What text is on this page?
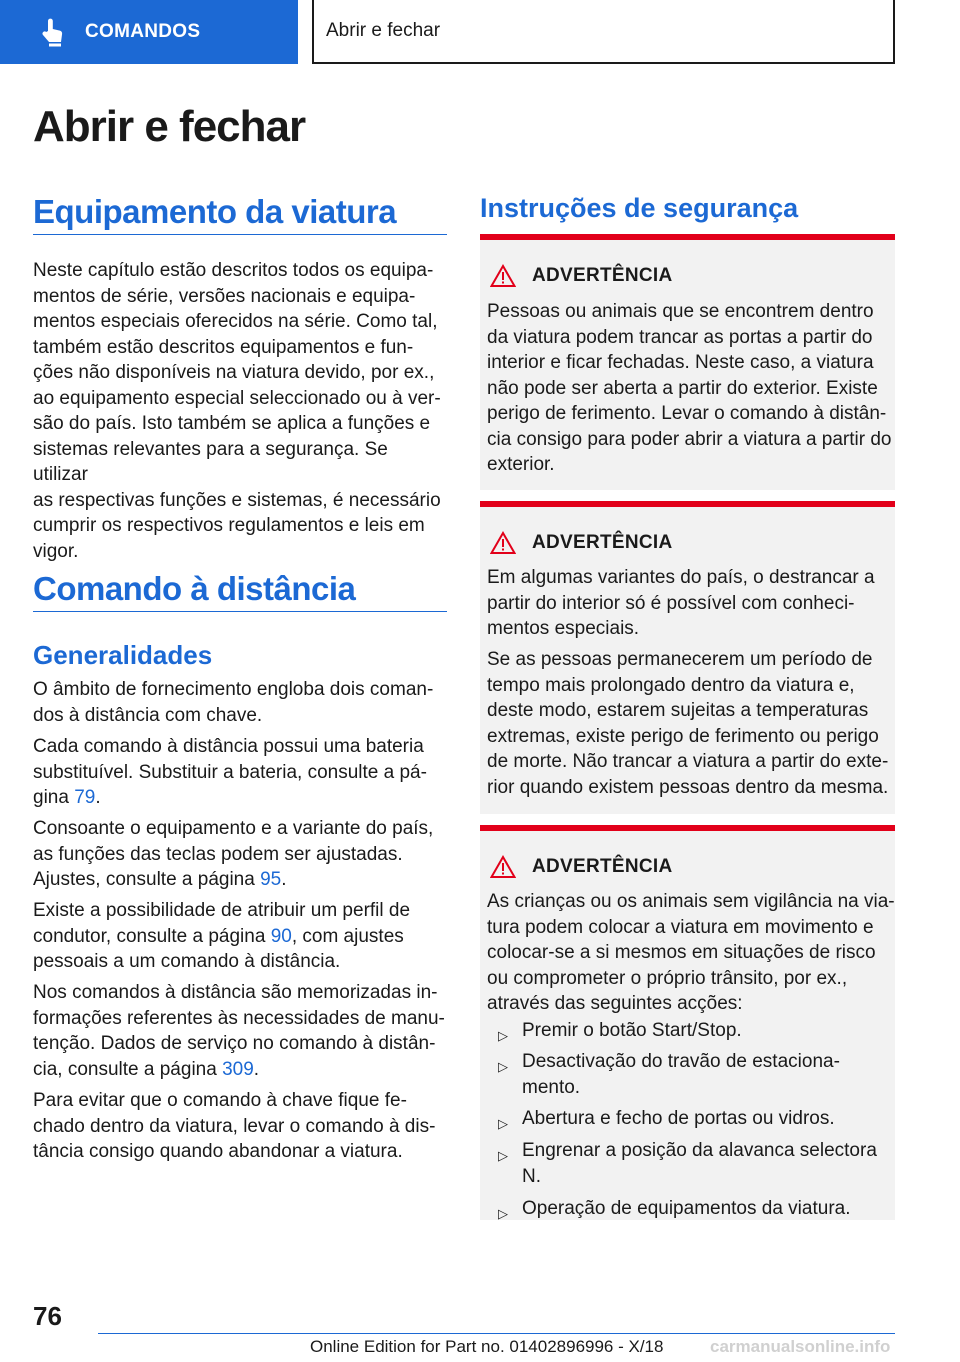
COMANDOS	Abrir e fechar
Abrir e fechar
Equipamento da viatura
Neste capítulo estão descritos todos os equipa-
mentos de série, versões nacionais e equipa-
mentos especiais oferecidos na série. Como tal,
também estão descritos equipamentos e fun-
ções não disponíveis na viatura devido, por ex.,
ao equipamento especial seleccionado ou à ver-
são do país. Isto também se aplica a funções e
sistemas relevantes para a segurança. Se utilizar
as respectivas funções e sistemas, é necessário
cumprir os respectivos regulamentos e leis em
vigor.
Comando à distância
Generalidades
O âmbito de fornecimento engloba dois coman-
dos à distância com chave.
Cada comando à distância possui uma bateria
substituível. Substituir a bateria, consulte a pá-
gina 79.
Consoante o equipamento e a variante do país,
as funções das teclas podem ser ajustadas.
Ajustes, consulte a página 95.
Existe a possibilidade de atribuir um perfil de
condutor, consulte a página 90, com ajustes
pessoais a um comando à distância.
Nos comandos à distância são memorizadas in-
formações referentes às necessidades de manu-
tenção. Dados de serviço no comando à distân-
cia, consulte a página 309.
Para evitar que o comando à chave fique fe-
chado dentro da viatura, levar o comando à dis-
tância consigo quando abandonar a viatura.
Instruções de segurança
ADVERTÊNCIA
Pessoas ou animais que se encontrem dentro
da viatura podem trancar as portas a partir do
interior e ficar fechadas. Neste caso, a viatura
não pode ser aberta a partir do exterior. Existe
perigo de ferimento. Levar o comando à distân-
cia consigo para poder abrir a viatura a partir do
exterior.
ADVERTÊNCIA
Em algumas variantes do país, o destrancar a
partir do interior só é possível com conheci-
mentos especiais.
Se as pessoas permanecerem um período de
tempo mais prolongado dentro da viatura e,
deste modo, estarem sujeitas a temperaturas
extremas, existe perigo de ferimento ou perigo
de morte. Não trancar a viatura a partir do exte-
rior quando existem pessoas dentro da mesma.
ADVERTÊNCIA
As crianças ou os animais sem vigilância na via-
tura podem colocar a viatura em movimento e
colocar-se a si mesmos em situações de risco
ou comprometer o próprio trânsito, por ex.,
através das seguintes acções:
▷ Premir o botão Start/Stop.
▷ Desactivação do travão de estaciona-
mento.
▷ Abertura e fecho de portas ou vidros.
▷ Engrenar a posição da alavanca selectora
N.
▷ Operação de equipamentos da viatura.
76
Online Edition for Part no. 01402896996 - X/18	carmanualsonline.info
